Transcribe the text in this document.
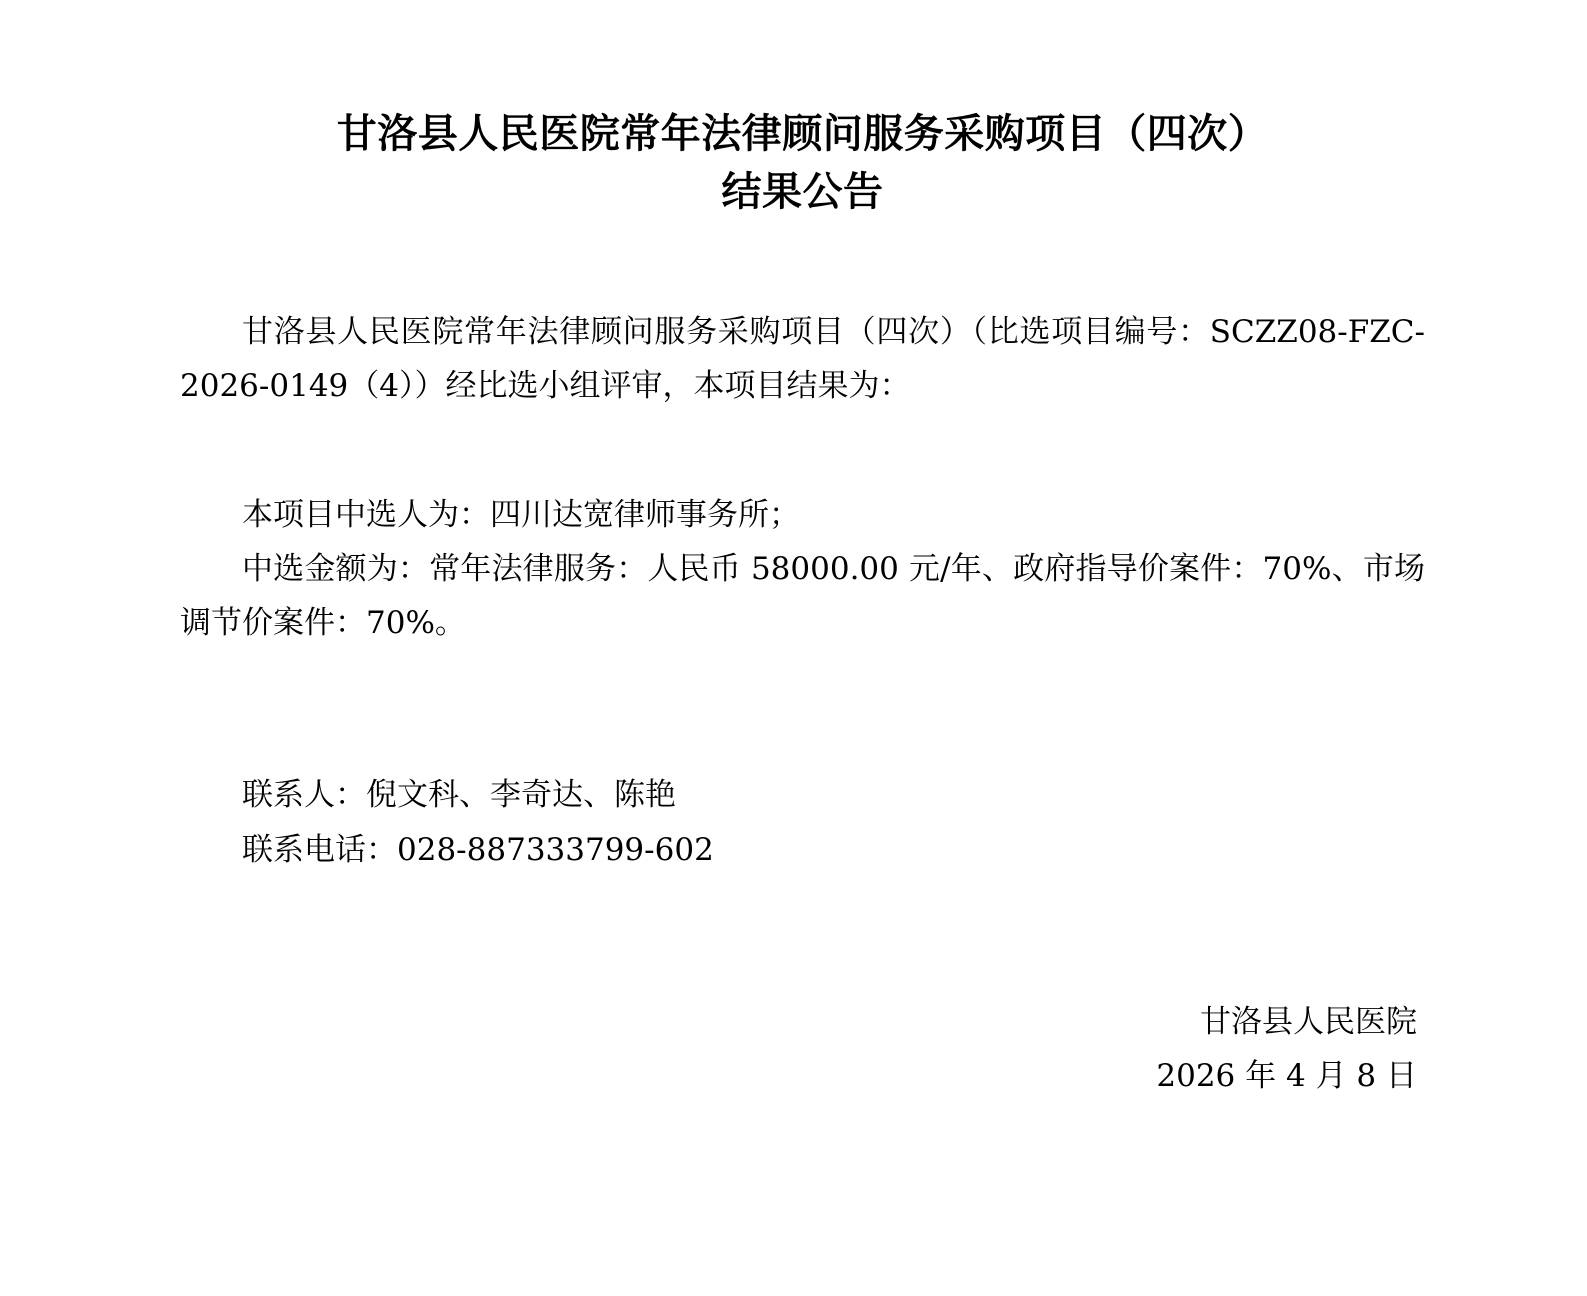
甘洛县人民医院常年法律顾问服务采购项目（四次）
结果公告

甘洛县人民医院常年法律顾问服务采购项目（四次）（比选项目编号：SCZZ08-FZC-2026-0149（4））经比选小组评审，本项目结果为：

本项目中选人为：四川达宽律师事务所；

中选金额为：常年法律服务：人民币 58000.00 元/年、政府指导价案件：70%、市场调节价案件：70%。

联系人：倪文科、李奇达、陈艳

联系电话：028-887333799-602

甘洛县人民医院
2026 年 4 月 8 日
